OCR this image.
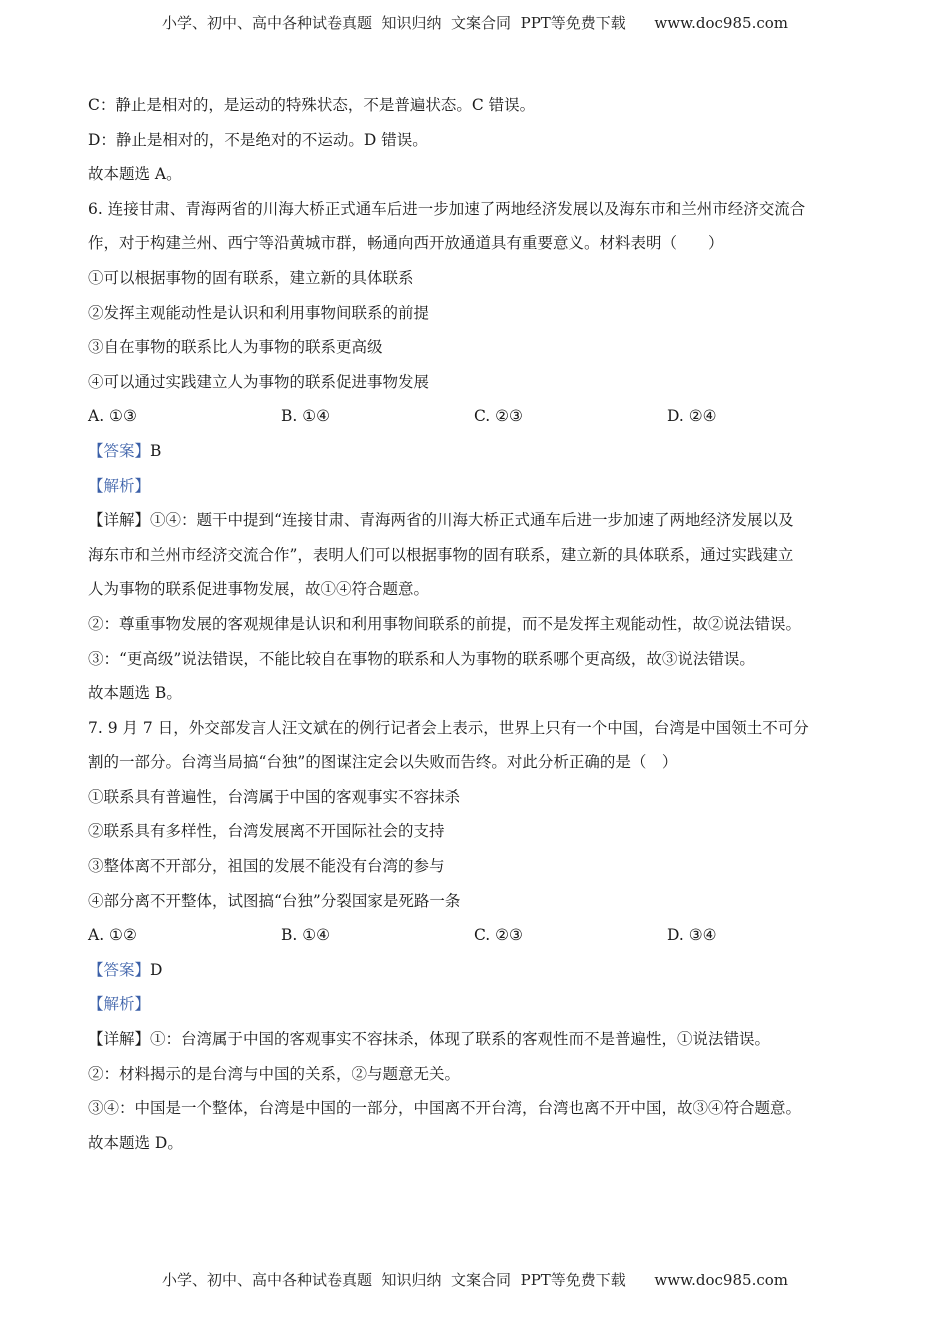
小学、初中、高中各种试卷真题  知识归纳  文案合同  PPT等免费下载      www.doc985.com
C：静止是相对的，是运动的特殊状态，不是普遍状态。C 错误。
D：静止是相对的，不是绝对的不运动。D 错误。
故本题选 A。
6. 连接甘肃、青海两省的川海大桥正式通车后进一步加速了两地经济发展以及海东市和兰州市经济交流合
作，对于构建兰州、西宁等沿黄城市群，畅通向西开放通道具有重要意义。材料表明（　　）
①可以根据事物的固有联系，建立新的具体联系
②发挥主观能动性是认识和利用事物间联系的前提
③自在事物的联系比人为事物的联系更高级
④可以通过实践建立人为事物的联系促进事物发展
A. ①③	B. ①④	C. ②③	D. ②④
【答案】B
【解析】
【详解】①④：题干中提到“连接甘肃、青海两省的川海大桥正式通车后进一步加速了两地经济发展以及
海东市和兰州市经济交流合作”，表明人们可以根据事物的固有联系，建立新的具体联系，通过实践建立
人为事物的联系促进事物发展，故①④符合题意。
②：尊重事物发展的客观规律是认识和利用事物间联系的前提，而不是发挥主观能动性，故②说法错误。
③：“更高级”说法错误，不能比较自在事物的联系和人为事物的联系哪个更高级，故③说法错误。
故本题选 B。
7. 9 月 7 日，外交部发言人汪文斌在的例行记者会上表示，世界上只有一个中国，台湾是中国领土不可分
割的一部分。台湾当局搞“台独”的图谋注定会以失败而告终。对此分析正确的是（　）
①联系具有普遍性，台湾属于中国的客观事实不容抹杀
②联系具有多样性，台湾发展离不开国际社会的支持
③整体离不开部分，祖国的发展不能没有台湾的参与
④部分离不开整体，试图搞“台独”分裂国家是死路一条
A. ①②	B. ①④	C. ②③	D. ③④
【答案】D
【解析】
【详解】①：台湾属于中国的客观事实不容抹杀，体现了联系的客观性而不是普遍性，①说法错误。
②：材料揭示的是台湾与中国的关系，②与题意无关。
③④：中国是一个整体，台湾是中国的一部分，中国离不开台湾，台湾也离不开中国，故③④符合题意。
故本题选 D。
小学、初中、高中各种试卷真题  知识归纳  文案合同  PPT等免费下载      www.doc985.com
